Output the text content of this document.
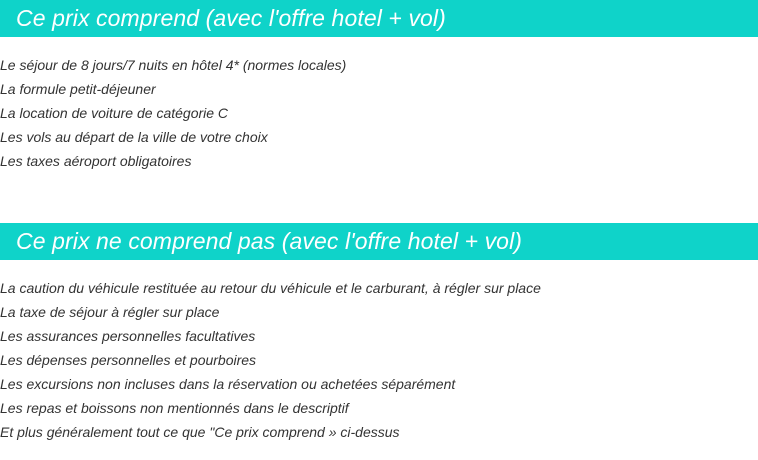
Ce prix comprend (avec l'offre hotel + vol)
Le séjour de 8 jours/7 nuits en hôtel 4* (normes locales)
La formule petit-déjeuner
La location de voiture de catégorie C
Les vols au départ de la ville de votre choix
Les taxes aéroport obligatoires
Ce prix ne comprend pas (avec l'offre hotel + vol)
La caution du véhicule restituée au retour du véhicule et le carburant, à régler sur place
La taxe de séjour à régler sur place
Les assurances personnelles facultatives
Les dépenses personnelles et pourboires
Les excursions non incluses dans la réservation ou achetées séparément
Les repas et boissons non mentionnés dans le descriptif
Et plus généralement tout ce que "Ce prix comprend » ci-dessus
